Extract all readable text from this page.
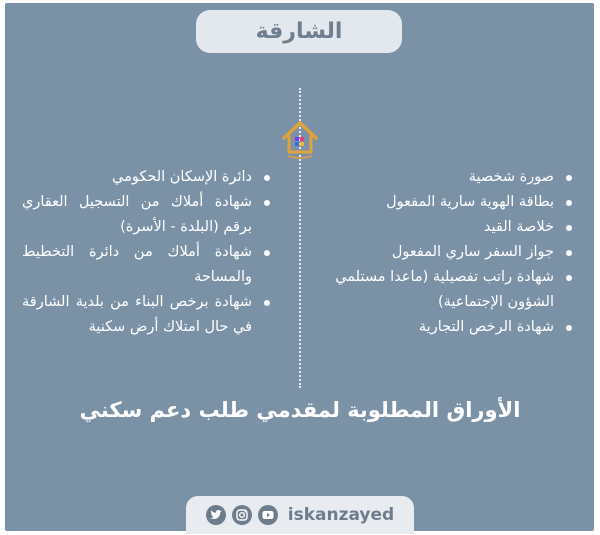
الشارقة
صورة شخصية
بطاقة الهوية سارية المفعول
خلاصة القيد
جواز السفر ساري المفعول
شهادة راتب تفصيلية (ماعدا مستلمي الشؤون الإجتماعية)
شهادة الرخص التجارية
دائرة الإسكان الحكومي
شهادة أملاك من التسجيل العقاري برقم (البلدة - الأسرة)
شهادة أملاك من دائرة التخطيط والمساحة
شهادة برخص البناء من بلدية الشارقة في حال امتلاك أرض سكنية
الأوراق المطلوبة لمقدمي طلب دعم سكني
iskanzayed
